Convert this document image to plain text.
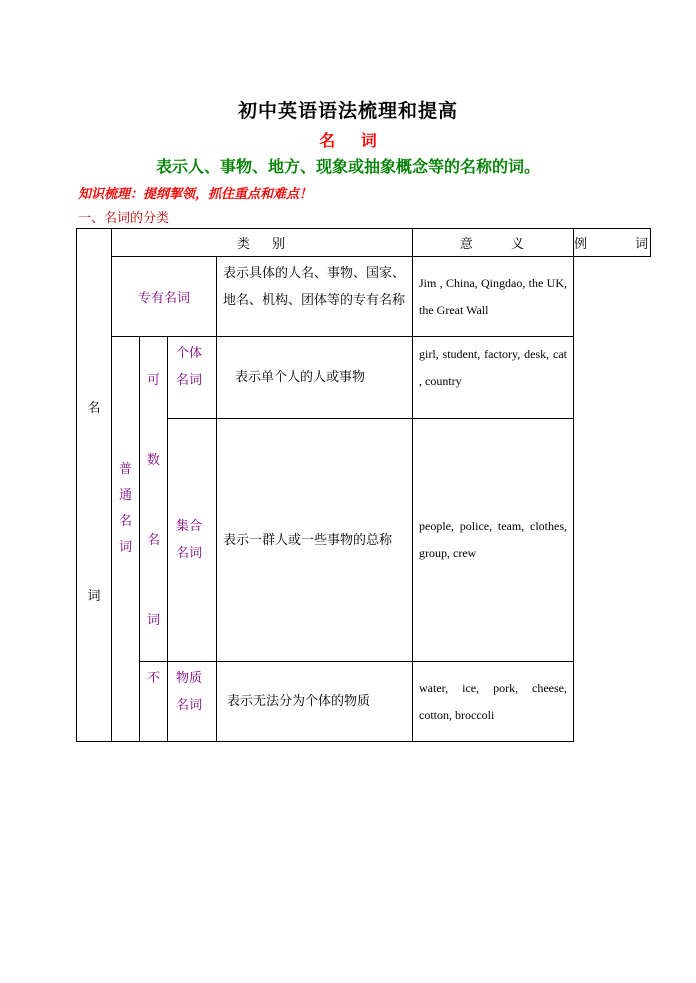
初中英语语法梳理和提高
名 词
表示人、事物、地方、现象或抽象概念等的名称的词。
知识梳理：提纲挈领，抓住重点和难点！
一、名词的分类
名
词	类 别				意 义	例 词
	专有名词			表示具体的人名、事物、国家、地名、机构、团体等的专有名称	Jim , China, Qingdao, the UK, the Great Wall	

	普通名词	可数名词	个体名词	表示单个人的人或事物	girl, student, factory, desk, cat , country	
			集合名词	表示一群人或一些事物的总称	people, police, team, clothes, group, crew	

		不	物质名词	表示无法分为个体的物质	water, ice, pork, cheese, cotton, broccoli	
